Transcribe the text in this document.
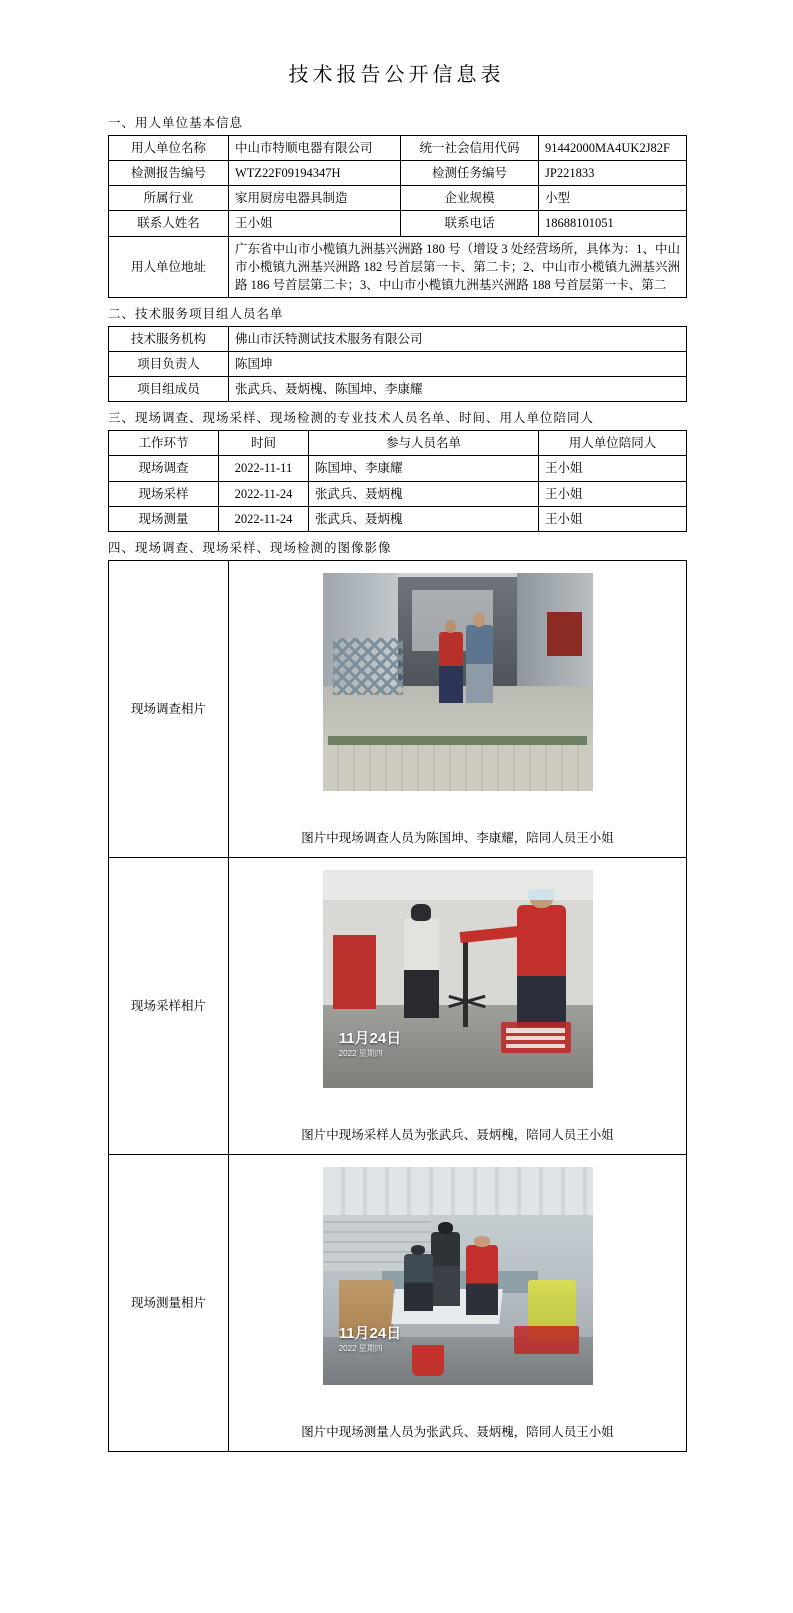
技术报告公开信息表
一、用人单位基本信息
用人单位名称	中山市特顺电器有限公司	统一社会信用代码	91442000MA4UK2J82F
检测报告编号	WTZ22F09194347H	检测任务编号	JP221833
所属行业	家用厨房电器具制造	企业规模	小型
联系人姓名	王小姐	联系电话	18688101051
用人单位地址	广东省中山市小榄镇九洲基兴洲路 180 号（增设 3 处经营场所，具体为：1、中山市小榄镇九洲基兴洲路 182 号首层第一卡、第二卡；2、中山市小榄镇九洲基兴洲路 186 号首层第二卡；3、中山市小榄镇九洲基兴洲路 188 号首层第一卡、第二		
二、技术服务项目组人员名单
技术服务机构	佛山市沃特测试技术服务有限公司
项目负责人	陈国坤
项目组成员	张武兵、聂炳槐、陈国坤、李康耀
三、现场调查、现场采样、现场检测的专业技术人员名单、时间、用人单位陪同人
工作环节	时间	参与人员名单	用人单位陪同人
现场调查	2022-11-11	陈国坤、李康耀	王小姐
现场采样	2022-11-24	张武兵、聂炳槐	王小姐
现场测量	2022-11-24	张武兵、聂炳槐	王小姐
四、现场调查、现场采样、现场检测的图像影像
现场调查相片	图片中现场调查人员为陈国坤、李康耀，陪同人员王小姐

现场采样相片	11月24日
2022 星期四
图片中现场采样人员为张武兵、聂炳槐，陪同人员王小姐

现场测量相片	11月24日
2022 星期四
图片中现场测量人员为张武兵、聂炳槐，陪同人员王小姐
